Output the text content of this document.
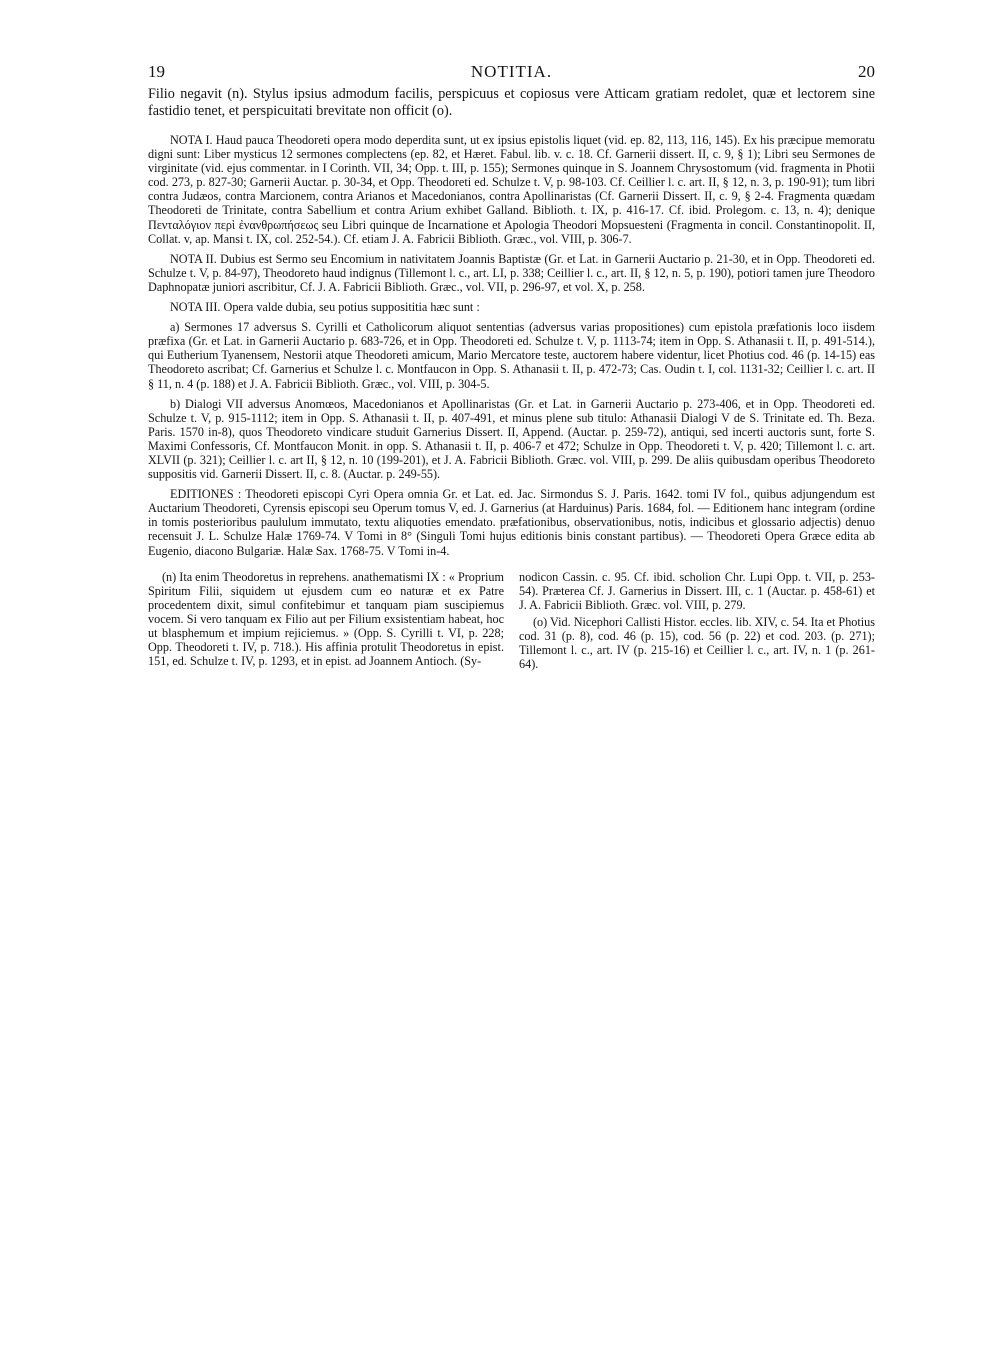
19	NOTITIA.	20

Filio negavit (n). Stylus ipsius admodum facilis, perspicuus et copiosus vere Atticam gratiam redolet, quæ et lectorem sine fastidio tenet, et perspicuitati brevitate non officit (o).

NOTA I. Haud pauca Theodoreti opera modo deperdita sunt, ut ex ipsius epistolis liquet (vid. ep. 82, 113, 116, 145). Ex his præcipue memoratu digni sunt: Liber mysticus 12 sermones complectens (ep. 82, et Hæret. Fabul. lib. v. c. 18. Cf. Garnerii dissert. II, c. 9, § 1); Libri seu Sermones de virginitate (vid. ejus commentar. in I Corinth. VII, 34; Opp. t. III, p. 155); Sermones quinque in S. Joannem Chrysostomum (vid. fragmenta in Photii cod. 273, p. 827-30; Garnerii Auctar. p. 30-34, et Opp. Theodoreti ed. Schulze t. V, p. 98-103. Cf. Ceillier l. c. art. II, § 12, n. 3, p. 190-91); tum libri contra Judæos, contra Marcionem, contra Arianos et Macedonianos, contra Apollinaristas (Cf. Garnerii Dissert. II, c. 9, § 2-4. Fragmenta quædam Theodoreti de Trinitate, contra Sabellium et contra Arium exhibet Galland. Biblioth. t. IX, p. 416-17. Cf. ibid. Prolegom. c. 13, n. 4); denique Πενταλόγιον περὶ ἐνανθρωπήσεως seu Libri quinque de Incarnatione et Apologia Theodori Mopsuesteni (Fragmenta in concil. Constantinopolit. II, Collat. v, ap. Mansi t. IX, col. 252-54.). Cf. etiam J. A. Fabricii Biblioth. Græc., vol. VIII, p. 306-7.

NOTA II. Dubius est Sermo seu Encomium in nativitatem Joannis Baptistæ (Gr. et Lat. in Garnerii Auctario p. 21-30, et in Opp. Theodoreti ed. Schulze t. V, p. 84-97), Theodoreto haud indignus (Tillemont l. c., art. LI, p. 338; Ceillier l. c., art. II, § 12, n. 5, p. 190), potiori tamen jure Theodoro Daphnopatæ juniori ascribitur, Cf. J. A. Fabricii Biblioth. Græc., vol. VII, p. 296-97, et vol. X, p. 258.

NOTA III. Opera valde dubia, seu potius supposititia hæc sunt :

a) Sermones 17 adversus S. Cyrilli et Catholicorum aliquot sententias (adversus varias propositiones) cum epistola præfationis loco iisdem præfixa (Gr. et Lat. in Garnerii Auctario p. 683-726, et in Opp. Theodoreti ed. Schulze t. V, p. 1113-74; item in Opp. S. Athanasii t. II, p. 491-514.), qui Eutherium Tyanensem, Nestorii atque Theodoreti amicum, Mario Mercatore teste, auctorem habere videntur, licet Photius cod. 46 (p. 14-15) eas Theodoreto ascribat; Cf. Garnerius et Schulze l. c. Montfaucon in Opp. S. Athanasii t. II, p. 472-73; Cas. Oudin t. I, col. 1131-32; Ceillier l. c. art. II § 11, n. 4 (p. 188) et J. A. Fabricii Biblioth. Græc., vol. VIII, p. 304-5.

b) Dialogi VII adversus Anomœos, Macedonianos et Apollinaristas (Gr. et Lat. in Garnerii Auctario p. 273-406, et in Opp. Theodoreti ed. Schulze t. V, p. 915-1112; item in Opp. S. Athanasii t. II, p. 407-491, et minus plene sub titulo: Athanasii Dialogi V de S. Trinitate ed. Th. Beza. Paris. 1570 in-8), quos Theodoreto vindicare studuit Garnerius Dissert. II, Append. (Auctar. p. 259-72), antiqui, sed incerti auctoris sunt, forte S. Maximi Confessoris, Cf. Montfaucon Monit. in opp. S. Athanasii t. II, p. 406-7 et 472; Schulze in Opp. Theodoreti t. V, p. 420; Tillemont l. c. art. XLVII (p. 321); Ceillier l. c. art II, § 12, n. 10 (199-201), et J. A. Fabricii Biblioth. Græc. vol. VIII, p. 299. De aliis quibusdam operibus Theodoreto suppositis vid. Garnerii Dissert. II, c. 8. (Auctar. p. 249-55).

EDITIONES : Theodoreti episcopi Cyri Opera omnia Gr. et Lat. ed. Jac. Sirmondus S. J. Paris. 1642. tomi IV fol., quibus adjungendum est Auctarium Theodoreti, Cyrensis episcopi seu Operum tomus V, ed. J. Garnerius (at Harduinus) Paris. 1684, fol. — Editionem hanc integram (ordine in tomis posterioribus paululum immutato, textu aliquoties emendato. præfationibus, observationibus, notis, indicibus et glossario adjectis) denuo recensuit J. L. Schulze Halæ 1769-74. V Tomi in 8° (Singuli Tomi hujus editionis binis constant partibus). — Theodoreti Opera Græce edita ab Eugenio, diacono Bulgariæ. Halæ Sax. 1768-75. V Tomi in-4.

(n) Ita enim Theodoretus in reprehens. anathematismi IX : « Proprium Spiritum Filii, siquidem ut ejusdem cum eo naturæ et ex Patre procedentem dixit, simul confitebimur et tanquam piam suscipiemus vocem. Si vero tanquam ex Filio aut per Filium exsistentiam habeat, hoc ut blasphemum et impium rejiciemus. » (Opp. S. Cyrilli t. VI, p. 228; Opp. Theodoreti t. IV, p. 718.). His affinia protulit Theodoretus in epist. 151, ed. Schulze t. IV, p. 1293, et in epist. ad Joannem Antioch. (Sy-

nodicon Cassin. c. 95. Cf. ibid. scholion Chr. Lupi Opp. t. VII, p. 253-54). Præterea Cf. J. Garnerius in Dissert. III, c. 1 (Auctar. p. 458-61) et J. A. Fabricii Biblioth. Græc. vol. VIII, p. 279.

(o) Vid. Nicephori Callisti Histor. eccles. lib. XIV, c. 54. Ita et Photius cod. 31 (p. 8), cod. 46 (p. 15), cod. 56 (p. 22) et cod. 203. (p. 271); Tillemont l. c., art. IV (p. 215-16) et Ceillier l. c., art. IV, n. 1 (p. 261-64).
